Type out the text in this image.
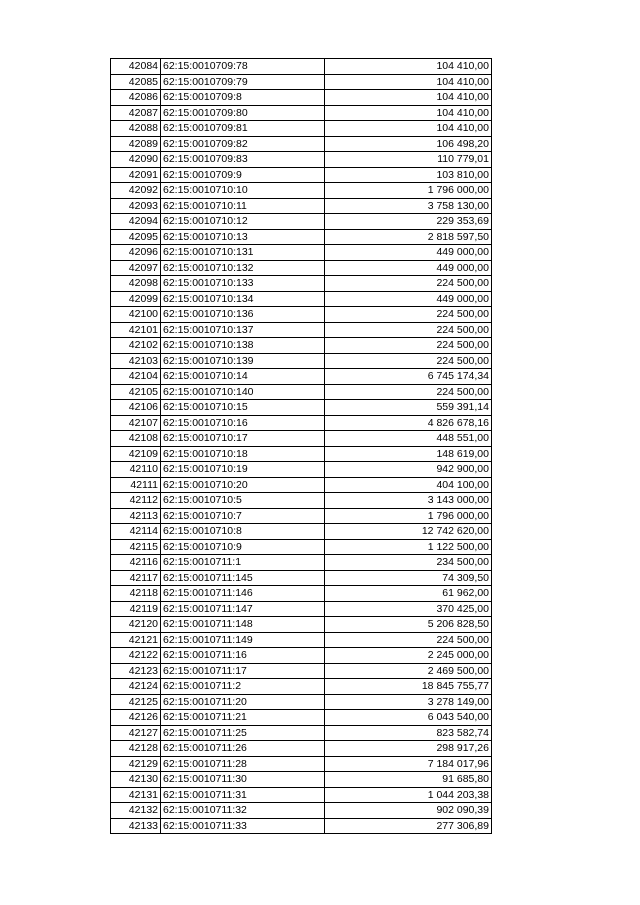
42084	62:15:0010709:78	104 410,00
42085	62:15:0010709:79	104 410,00
42086	62:15:0010709:8	104 410,00
42087	62:15:0010709:80	104 410,00
42088	62:15:0010709:81	104 410,00
42089	62:15:0010709:82	106 498,20
42090	62:15:0010709:83	110 779,01
42091	62:15:0010709:9	103 810,00
42092	62:15:0010710:10	1 796 000,00
42093	62:15:0010710:11	3 758 130,00
42094	62:15:0010710:12	229 353,69
42095	62:15:0010710:13	2 818 597,50
42096	62:15:0010710:131	449 000,00
42097	62:15:0010710:132	449 000,00
42098	62:15:0010710:133	224 500,00
42099	62:15:0010710:134	449 000,00
42100	62:15:0010710:136	224 500,00
42101	62:15:0010710:137	224 500,00
42102	62:15:0010710:138	224 500,00
42103	62:15:0010710:139	224 500,00
42104	62:15:0010710:14	6 745 174,34
42105	62:15:0010710:140	224 500,00
42106	62:15:0010710:15	559 391,14
42107	62:15:0010710:16	4 826 678,16
42108	62:15:0010710:17	448 551,00
42109	62:15:0010710:18	148 619,00
42110	62:15:0010710:19	942 900,00
42111	62:15:0010710:20	404 100,00
42112	62:15:0010710:5	3 143 000,00
42113	62:15:0010710:7	1 796 000,00
42114	62:15:0010710:8	12 742 620,00
42115	62:15:0010710:9	1 122 500,00
42116	62:15:0010711:1	234 500,00
42117	62:15:0010711:145	74 309,50
42118	62:15:0010711:146	61 962,00
42119	62:15:0010711:147	370 425,00
42120	62:15:0010711:148	5 206 828,50
42121	62:15:0010711:149	224 500,00
42122	62:15:0010711:16	2 245 000,00
42123	62:15:0010711:17	2 469 500,00
42124	62:15:0010711:2	18 845 755,77
42125	62:15:0010711:20	3 278 149,00
42126	62:15:0010711:21	6 043 540,00
42127	62:15:0010711:25	823 582,74
42128	62:15:0010711:26	298 917,26
42129	62:15:0010711:28	7 184 017,96
42130	62:15:0010711:30	91 685,80
42131	62:15:0010711:31	1 044 203,38
42132	62:15:0010711:32	902 090,39
42133	62:15:0010711:33	277 306,89
